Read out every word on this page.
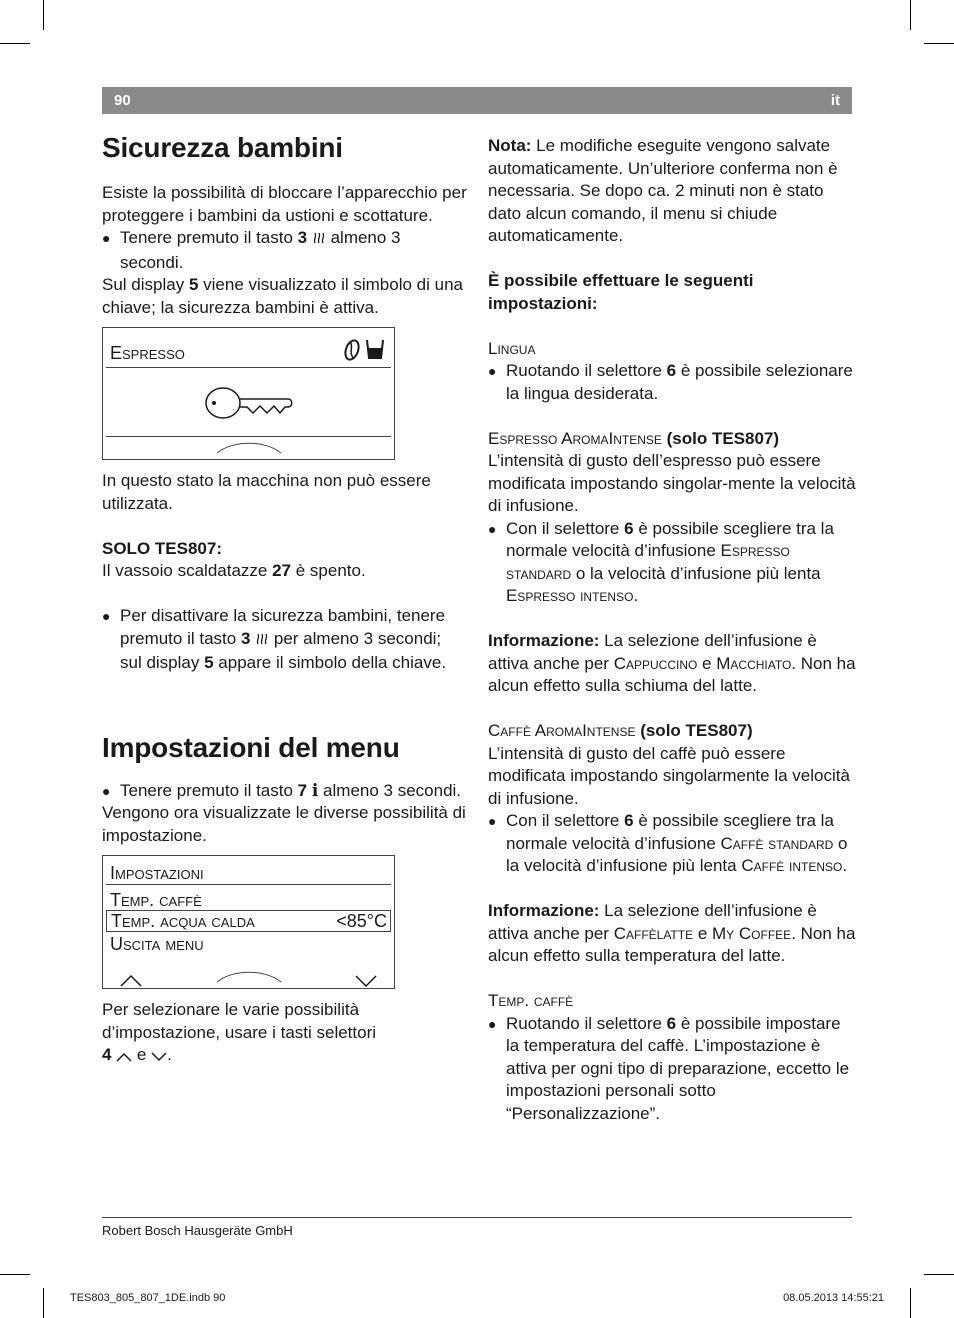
90	it
Sicurezza bambini

Esiste la possibilità di bloccare l’apparecchio per proteggere i bambini da ustioni e scottature.

● Tenere premuto il tasto 3  almeno 3 secondi.

Sul display 5 viene visualizzato il simbolo di una chiave; la sicurezza bambini è attiva.

Espresso

In questo stato la macchina non può essere utilizzata.

SOLO TES807:

Il vassoio scaldatazze 27 è spento.

● Per disattivare la sicurezza bambini, tenere premuto il tasto 3  per almeno 3 secondi; sul display 5 appare il simbolo della chiave.

Impostazioni del menu

● Tenere premuto il tasto 7 i almeno 3 secondi.

Vengono ora visualizzate le diverse possibilità di impostazione.

Impostazioni
Temp. caffè
Temp. acqua calda	<85°C
Uscita menu

Per selezionare le varie possibilità d’impostazione, usare i tasti selettori
4  e .

Nota: Le modifiche eseguite vengono salvate automaticamente. Un’ulteriore conferma non è necessaria. Se dopo ca. 2 minuti non è stato dato alcun comando, il menu si chiude automaticamente.

È possibile effettuare le seguenti impostazioni:

Lingua

● Ruotando il selettore 6 è possibile selezionare la lingua desiderata.

Espresso AromaIntense (solo TES807)

L’intensità di gusto dell’espresso può essere modificata impostando singolar-mente la velocità di infusione.

● Con il selettore 6 è possibile scegliere tra la normale velocità d’infusione Espresso standard o la velocità d’infusione più lenta Espresso intenso.

Informazione: La selezione dell’infusione è attiva anche per Cappuccino e Macchiato. Non ha alcun effetto sulla schiuma del latte.

Caffè AromaIntense (solo TES807)

L’intensità di gusto del caffè può essere modificata impostando singolarmente la velocità di infusione.

● Con il selettore 6 è possibile scegliere tra la normale velocità d’infusione Caffè standard o la velocità d’infusione più lenta Caffè intenso.

Informazione: La selezione dell’infusione è attiva anche per Caffèlatte e My Coffee. Non ha alcun effetto sulla temperatura del latte.

Temp. caffè

● Ruotando il selettore 6 è possibile impostare la temperatura del caffè. L’impostazione è attiva per ogni tipo di preparazione, eccetto le impostazioni personali sotto “Personalizzazione”.

Robert Bosch Hausgeräte GmbH
TES803_805_807_1DE.indb 90	08.05.2013 14:55:21
